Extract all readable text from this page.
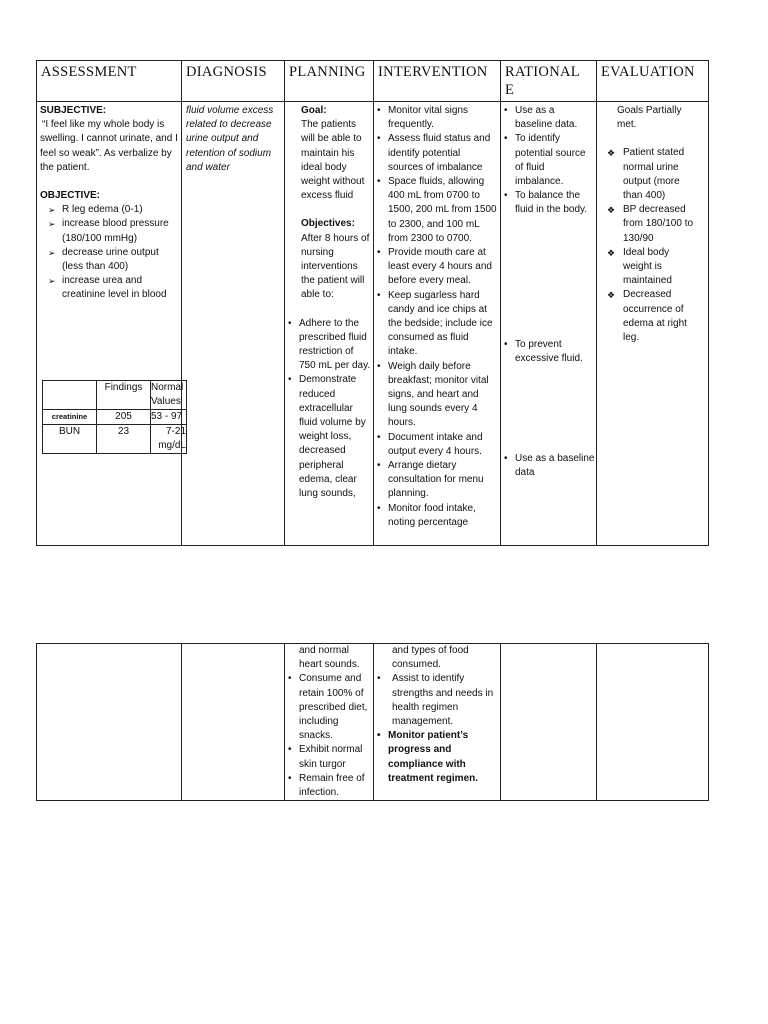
ASSESSMENT	DIAGNOSIS	PLANNING	INTERVENTION	RATIONAL E	EVALUATION

SUBJECTIVE:

“I feel like my whole body is swelling. I cannot urinate, and I feel so weak”. As verbalize by the patient.

OBJECTIVE:

➢ R leg edema (0-1)
➢ increase blood pressure (180/100 mmHg)
➢ decrease urine output (less than 400)
➢ increase urea and creatinine level in blood
	Findings	Normal Values
creatinine	205	53 - 97
BUN	23	7-21 mg/dL

fluid volume excess related to decrease urine output and retention of sodium and water

Goal:

The patients will be able to maintain his ideal body weight without excess fluid

Objectives:

After 8 hours of nursing interventions the patient will able to:

• Adhere to the prescribed fluid restriction of 750 mL per day.
• Demonstrate reduced extracellular fluid volume by weight loss, decreased peripheral edema, clear lung sounds,

• Monitor vital signs frequently.
• Assess fluid status and identify potential sources of imbalance
• Space fluids, allowing 400 mL from 0700 to 1500, 200 mL from 1500 to 2300, and 100 mL from 2300 to 0700.
• Provide mouth care at least every 4 hours and before every meal.
• Keep sugarless hard candy and ice chips at the bedside; include ice consumed as fluid intake.
• Weigh daily before breakfast; monitor vital signs, and heart and lung sounds every 4 hours.
• Document intake and output every 4 hours.
• Arrange dietary consultation for menu planning.
• Monitor food intake, noting percentage

• Use as a baseline data.
• To identify potential source of fluid imbalance.
• To balance the fluid in the body.
• To prevent excessive fluid.
• Use as a baseline data

Goals Partially met.

❖ Patient stated normal urine output (more than 400)
❖ BP decreased from 180/100 to 130/90
❖ Ideal body weight is maintained
❖ Decreased occurrence of edema at right leg.

and normal heart sounds.

• Consume and retain 100% of prescribed diet, including snacks.
• Exhibit normal skin turgor
• Remain free of infection.

and types of food consumed.

• Assist to identify strengths and needs in health regimen management.
• Monitor patient’s progress and compliance with treatment regimen.
